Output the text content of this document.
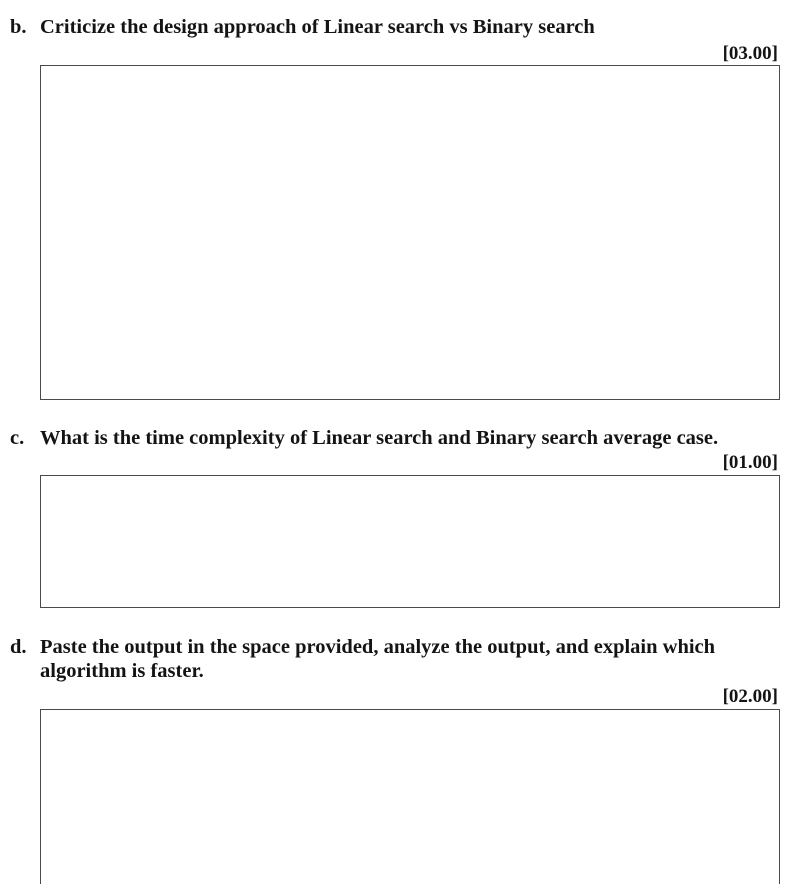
b. Criticize the design approach of Linear search vs Binary search
[03.00]
c. What is the time complexity of Linear search and Binary search average case.
[01.00]
d. Paste the output in the space provided, analyze the output, and explain which
algorithm is faster.
[02.00]
